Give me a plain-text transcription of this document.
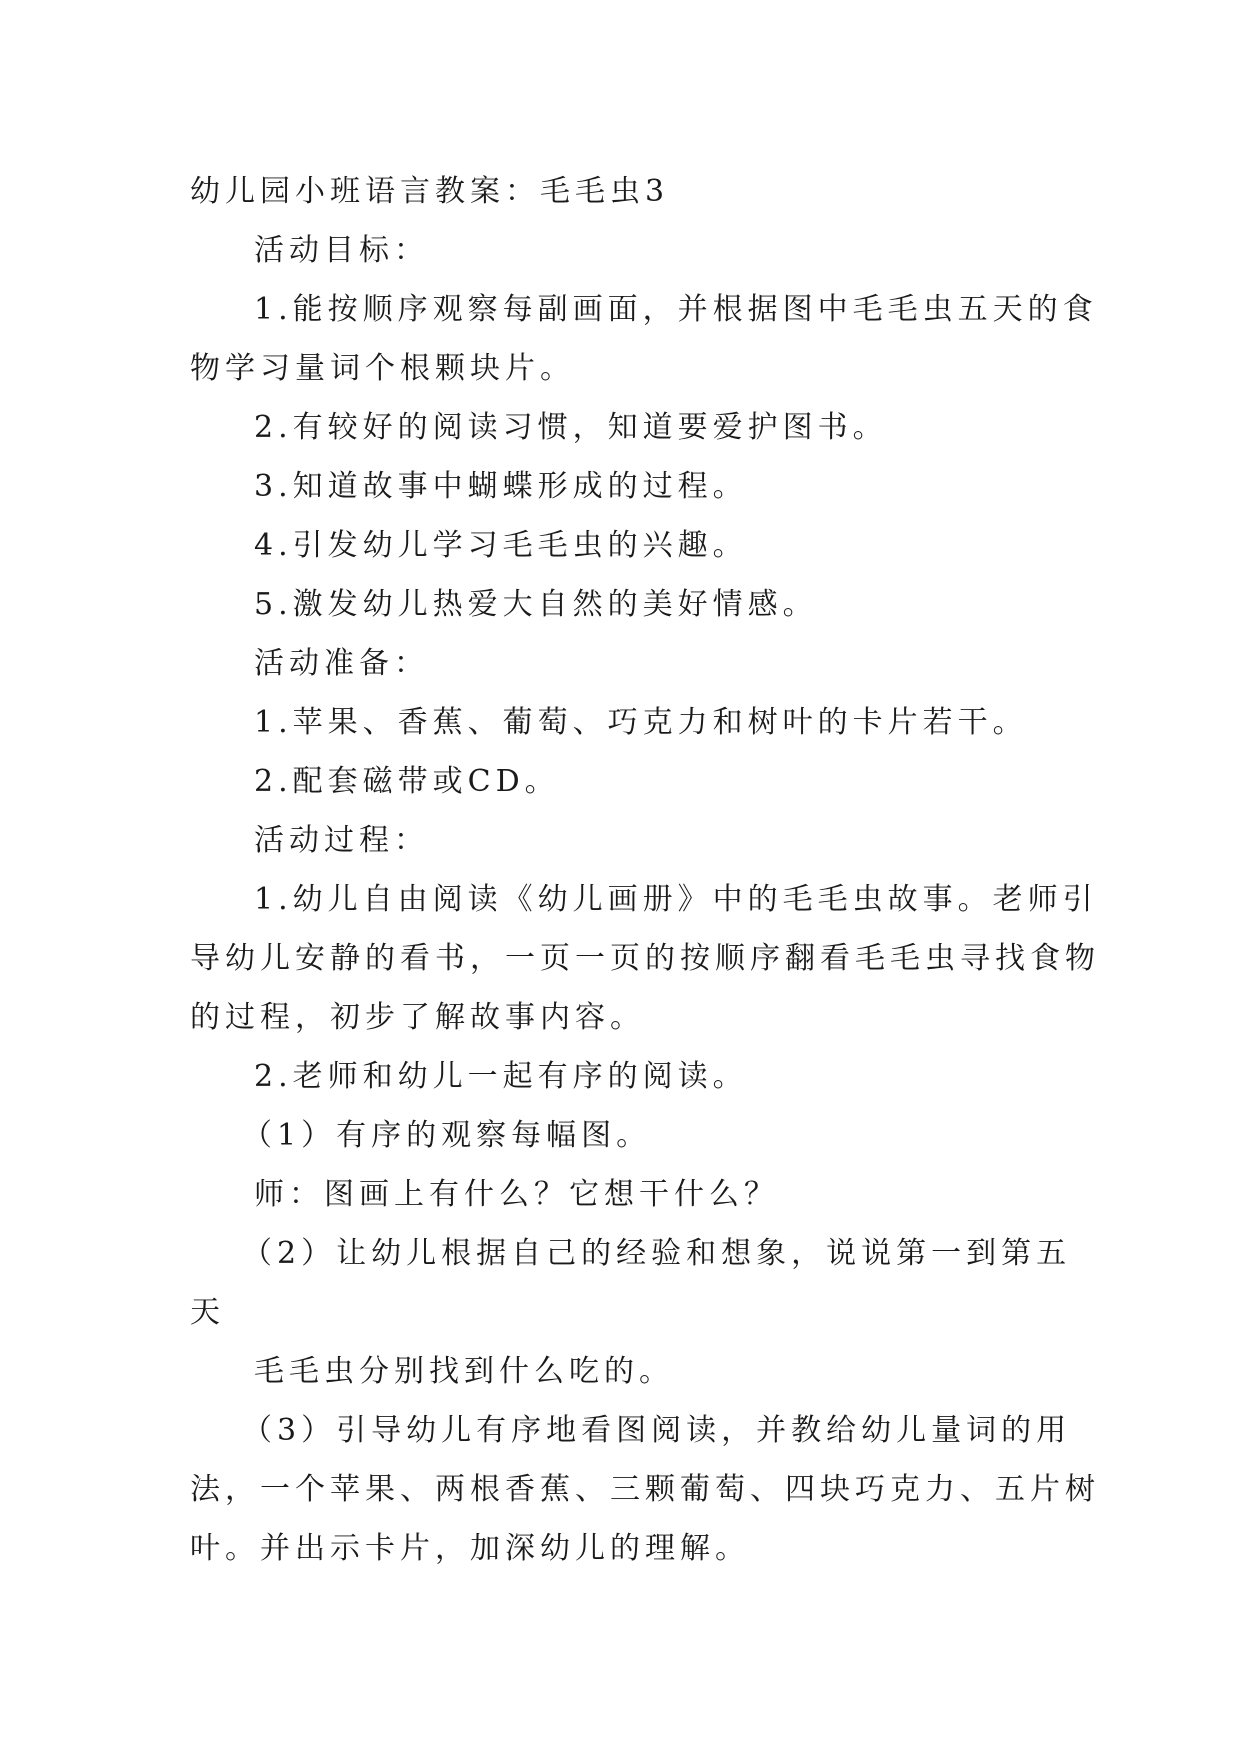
幼儿园小班语言教案：毛毛虫3
活动目标：
1.能按顺序观察每副画面，并根据图中毛毛虫五天的食
物学习量词个根颗块片。
2.有较好的阅读习惯，知道要爱护图书。
3.知道故事中蝴蝶形成的过程。
4.引发幼儿学习毛毛虫的兴趣。
5.激发幼儿热爱大自然的美好情感。
活动准备：
1.苹果、香蕉、葡萄、巧克力和树叶的卡片若干。
2.配套磁带或CD。
活动过程：
1.幼儿自由阅读《幼儿画册》中的毛毛虫故事。老师引
导幼儿安静的看书，一页一页的按顺序翻看毛毛虫寻找食物
的过程，初步了解故事内容。
2.老师和幼儿一起有序的阅读。
（1）有序的观察每幅图。
师：图画上有什么？它想干什么？
（2）让幼儿根据自己的经验和想象，说说第一到第五
天
毛毛虫分别找到什么吃的。
（3）引导幼儿有序地看图阅读，并教给幼儿量词的用
法，一个苹果、两根香蕉、三颗葡萄、四块巧克力、五片树
叶。并出示卡片，加深幼儿的理解。
